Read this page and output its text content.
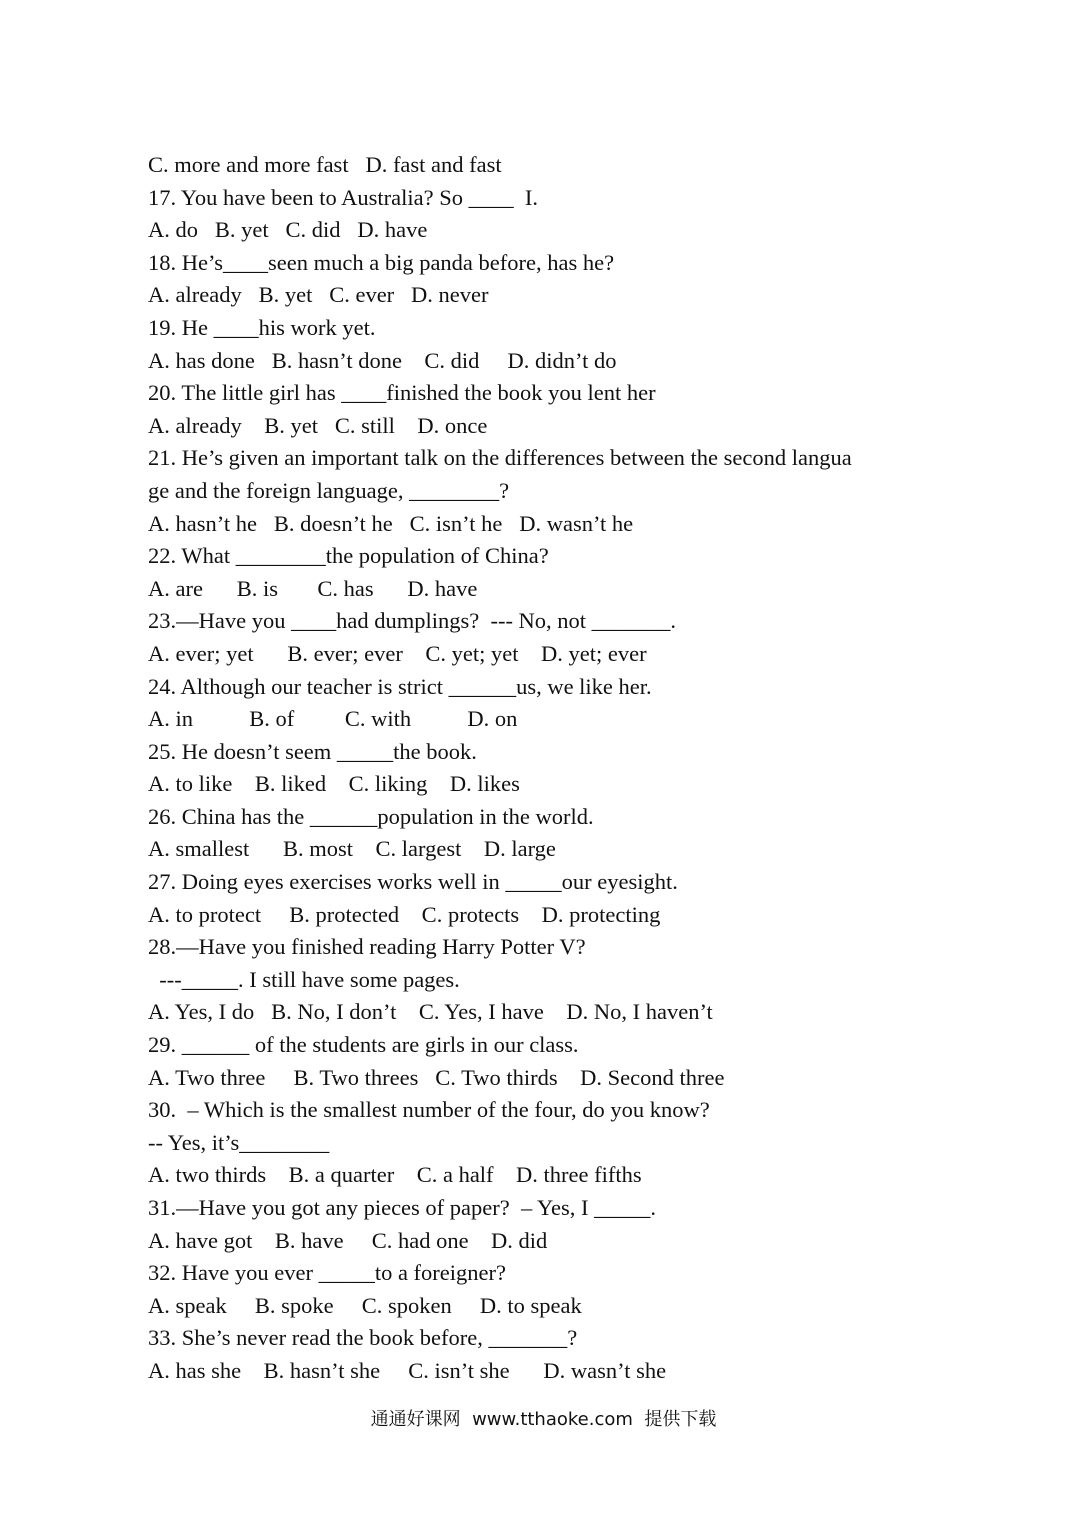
C. more and more fast   D. fast and fast
17. You have been to Australia? So ____  I.
A. do   B. yet   C. did   D. have
18. He’s____seen much a big panda before, has he?
A. already   B. yet   C. ever   D. never
19. He ____his work yet.
A. has done   B. hasn’t done    C. did     D. didn’t do
20. The little girl has ____finished the book you lent her
A. already    B. yet   C. still    D. once
21. He’s given an important talk on the differences between the second langua
ge and the foreign language, ________?
A. hasn’t he   B. doesn’t he   C. isn’t he   D. wasn’t he
22. What ________the population of China?
A. are      B. is       C. has      D. have
23.—Have you ____had dumplings?  --- No, not _______.
A. ever; yet      B. ever; ever    C. yet; yet    D. yet; ever
24. Although our teacher is strict ______us, we like her.
A. in          B. of         C. with          D. on
25. He doesn’t seem _____the book.
A. to like    B. liked    C. liking    D. likes
26. China has the ______population in the world.
A. smallest      B. most    C. largest    D. large
27. Doing eyes exercises works well in _____our eyesight.
A. to protect     B. protected    C. protects    D. protecting
28.—Have you finished reading Harry Potter V?
---_____. I still have some pages.
A. Yes, I do   B. No, I don’t    C. Yes, I have    D. No, I haven’t
29. ______ of the students are girls in our class.
A. Two three     B. Two threes   C. Two thirds    D. Second three
30.  – Which is the smallest number of the four, do you know?
-- Yes, it’s________
A. two thirds    B. a quarter    C. a half    D. three fifths
31.—Have you got any pieces of paper?  – Yes, I _____.
A. have got    B. have     C. had one    D. did
32. Have you ever _____to a foreigner?
A. speak     B. spoke     C. spoken     D. to speak
33. She’s never read the book before, _______?
A. has she    B. hasn’t she     C. isn’t she      D. wasn’t she
通通好课网  www.tthaoke.com  提供下载
